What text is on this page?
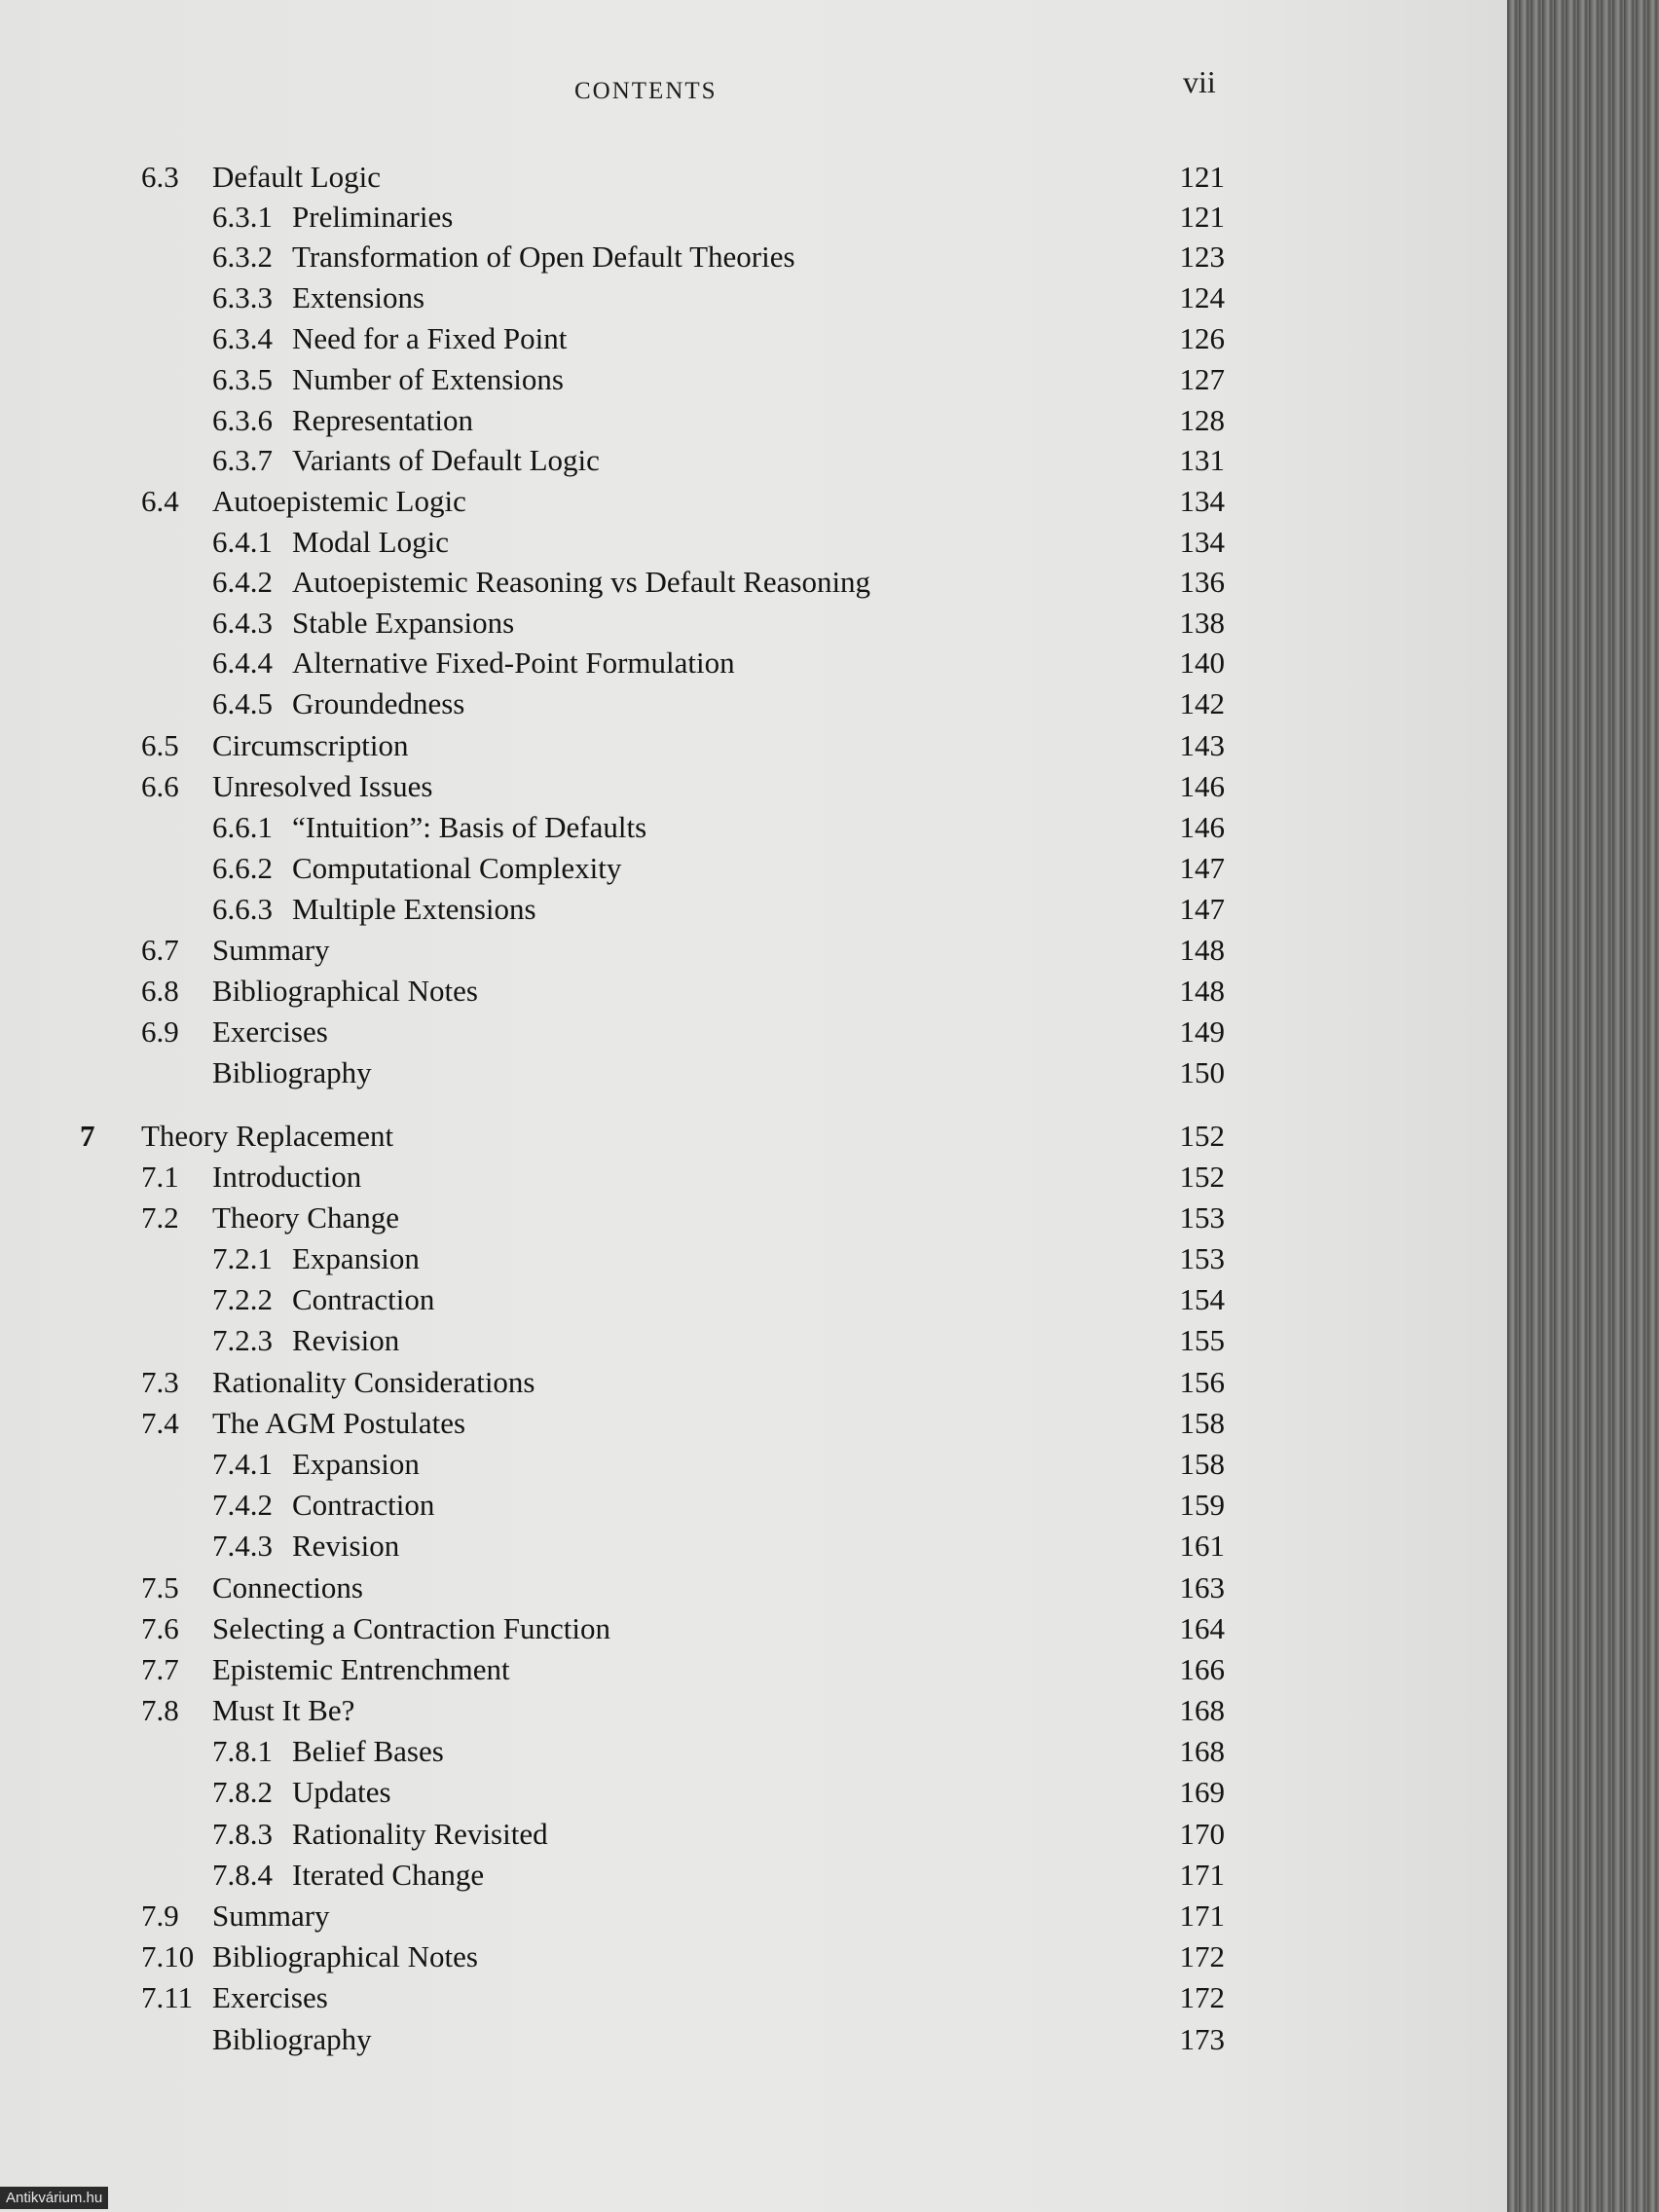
CONTENTS	vii
6.3 Default Logic	121
6.3.1 Preliminaries	121
6.3.2 Transformation of Open Default Theories	123
6.3.3 Extensions	124
6.3.4 Need for a Fixed Point	126
6.3.5 Number of Extensions	127
6.3.6 Representation	128
6.3.7 Variants of Default Logic	131
6.4 Autoepistemic Logic	134
6.4.1 Modal Logic	134
6.4.2 Autoepistemic Reasoning vs Default Reasoning	136
6.4.3 Stable Expansions	138
6.4.4 Alternative Fixed-Point Formulation	140
6.4.5 Groundedness	142
6.5 Circumscription	143
6.6 Unresolved Issues	146
6.6.1 “Intuition”: Basis of Defaults	146
6.6.2 Computational Complexity	147
6.6.3 Multiple Extensions	147
6.7 Summary	148
6.8 Bibliographical Notes	148
6.9 Exercises	149
Bibliography	150
7 Theory Replacement	152
7.1 Introduction	152
7.2 Theory Change	153
7.2.1 Expansion	153
7.2.2 Contraction	154
7.2.3 Revision	155
7.3 Rationality Considerations	156
7.4 The AGM Postulates	158
7.4.1 Expansion	158
7.4.2 Contraction	159
7.4.3 Revision	161
7.5 Connections	163
7.6 Selecting a Contraction Function	164
7.7 Epistemic Entrenchment	166
7.8 Must It Be?	168
7.8.1 Belief Bases	168
7.8.2 Updates	169
7.8.3 Rationality Revisited	170
7.8.4 Iterated Change	171
7.9 Summary	171
7.10 Bibliographical Notes	172
7.11 Exercises	172
Bibliography	173
Antikvárium.hu
